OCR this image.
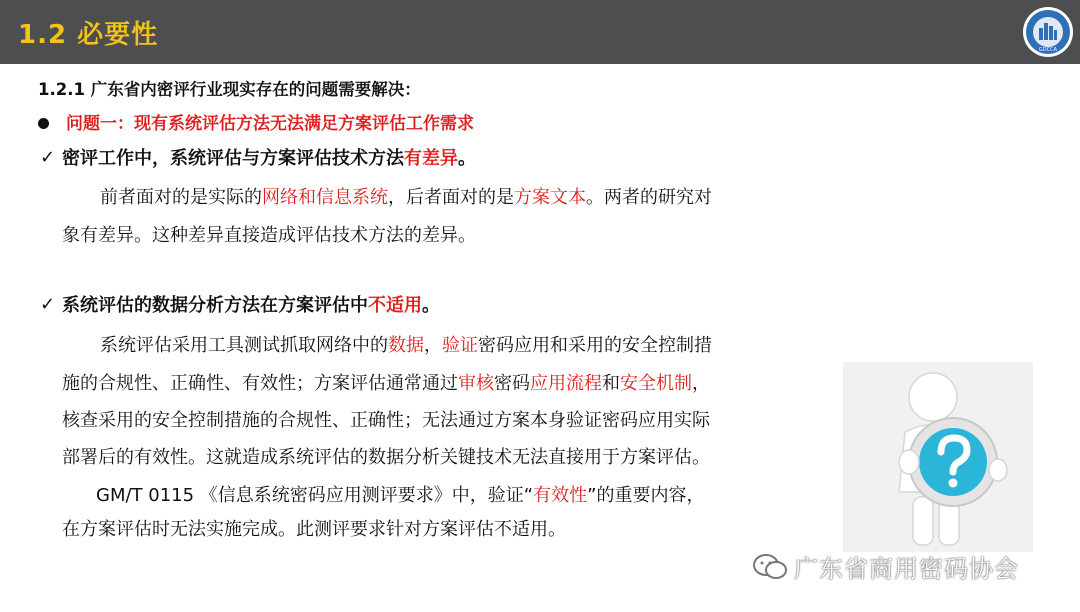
1.2 必要性	GDCCA
1.2.1 广东省内密评行业现实存在的问题需要解决：
问题一：现有系统评估方法无法满足方案评估工作需求
✓ 密评工作中，系统评估与方案评估技术方法有差异。
前者面对的是实际的网络和信息系统，后者面对的是方案文本。两者的研究对
象有差异。这种差异直接造成评估技术方法的差异。
✓ 系统评估的数据分析方法在方案评估中不适用。
系统评估采用工具测试抓取网络中的数据，验证密码应用和采用的安全控制措
施的合规性、正确性、有效性；方案评估通常通过审核密码应用流程和安全机制，
核查采用的安全控制措施的合规性、正确性；无法通过方案本身验证密码应用实际
部署后的有效性。这就造成系统评估的数据分析关键技术无法直接用于方案评估。
GM/T 0115 《信息系统密码应用测评要求》中，验证“有效性”的重要内容，
在方案评估时无法实施完成。此测评要求针对方案评估不适用。
广东省商用密码协会
